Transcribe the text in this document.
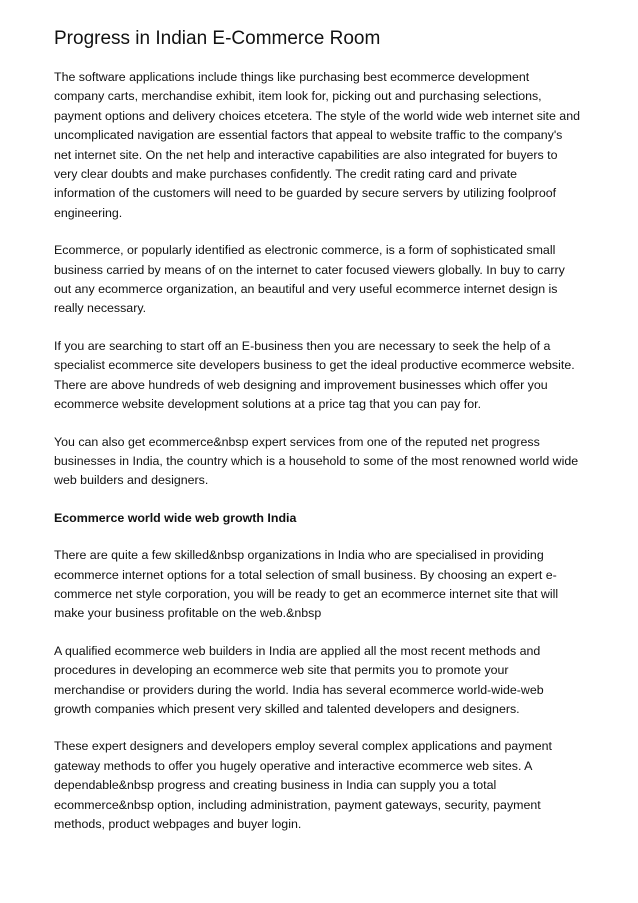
Progress in Indian E-Commerce Room

The software applications include things like purchasing best ecommerce development company carts, merchandise exhibit, item look for, picking out and purchasing selections, payment options and delivery choices etcetera. The style of the world wide web internet site and uncomplicated navigation are essential factors that appeal to website traffic to the company's net internet site. On the net help and interactive capabilities are also integrated for buyers to very clear doubts and make purchases confidently. The credit rating card and private information of the customers will need to be guarded by secure servers by utilizing foolproof engineering.

Ecommerce, or popularly identified as electronic commerce, is a form of sophisticated small business carried by means of on the internet to cater focused viewers globally. In buy to carry out any ecommerce organization, an beautiful and very useful ecommerce internet design is really necessary.

If you are searching to start off an E-business then you are necessary to seek the help of a specialist ecommerce site developers business to get the ideal productive ecommerce website. There are above hundreds of web designing and improvement businesses which offer you ecommerce website development solutions at a price tag that you can pay for.

You can also get ecommerce&nbsp expert services from one of the reputed net progress businesses in India, the country which is a household to some of the most renowned world wide web builders and designers.

Ecommerce world wide web growth India

There are quite a few skilled&nbsp organizations in India who are specialised in providing ecommerce internet options for a total selection of small business. By choosing an expert e-commerce net style corporation, you will be ready to get an ecommerce internet site that will make your business profitable on the web.&nbsp

A qualified ecommerce web builders in India are applied all the most recent methods and procedures in developing an ecommerce web site that permits you to promote your merchandise or providers during the world. India has several ecommerce world-wide-web growth companies which present very skilled and talented developers and designers.

These expert designers and developers employ several complex applications and payment gateway methods to offer you hugely operative and interactive ecommerce web sites. A dependable&nbsp progress and creating business in India can supply you a total ecommerce&nbsp option, including administration, payment gateways, security, payment methods, product webpages and buyer login.
